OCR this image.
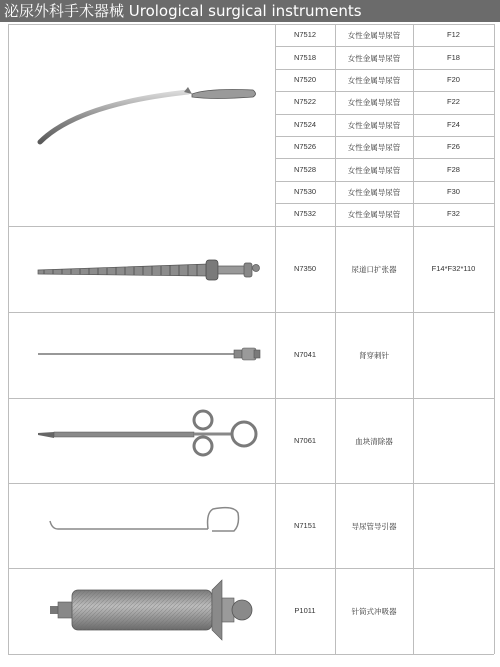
泌尿外科手术器械 Urological surgical instruments
N7512	女性金属导尿管	F12
N7518	女性金属导尿管	F18
N7520	女性金属导尿管	F20
N7522	女性金属导尿管	F22
N7524	女性金属导尿管	F24
N7526	女性金属导尿管	F26
N7528	女性金属导尿管	F28
N7530	女性金属导尿管	F30
N7532	女性金属导尿管	F32
N7350	尿道口扩张器	F14*F32*110
N7041	肾穿刺针
N7061	血块清除器
N7151	导尿管导引器
P1011	针筒式冲吸器
